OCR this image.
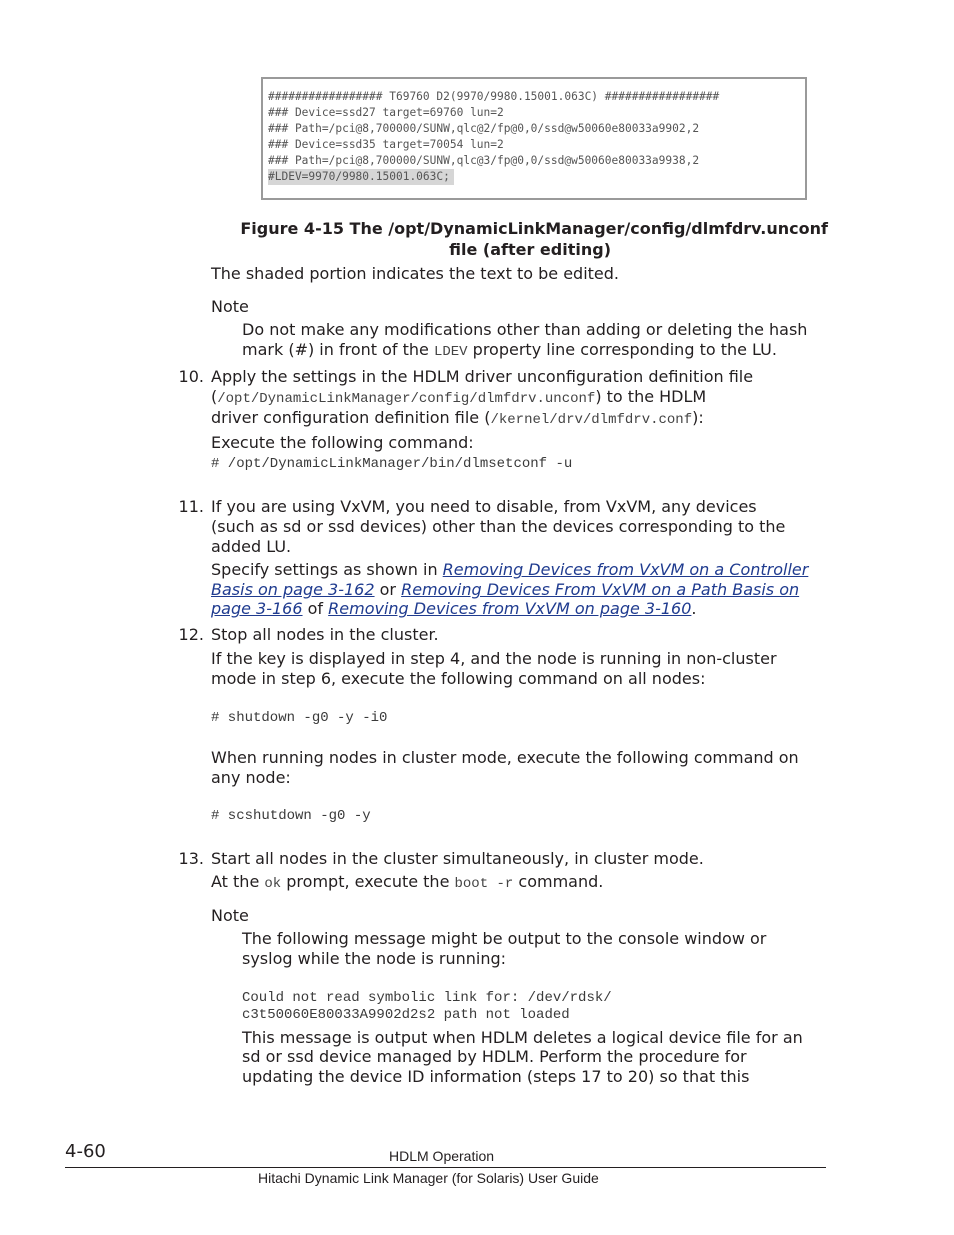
################# T69760 D2(9970/9980.15001.063C) #################
### Device=ssd27 target=69760 lun=2
### Path=/pci@8,700000/SUNW,qlc@2/fp@0,0/ssd@w50060e80033a9902,2
### Device=ssd35 target=70054 lun=2
### Path=/pci@8,700000/SUNW,qlc@3/fp@0,0/ssd@w50060e80033a9938,2
#LDEV=9970/9980.15001.063C;
Figure 4-15 The /opt/DynamicLinkManager/config/dlmfdrv.unconf
file (after editing)
The shaded portion indicates the text to be edited.
Note
Do not make any modifications other than adding or deleting the hash
mark (#) in front of the LDEV property line corresponding to the LU.
10. Apply the settings in the HDLM driver unconfiguration definition file
(/opt/DynamicLinkManager/config/dlmfdrv.unconf) to the HDLM
driver configuration definition file (/kernel/drv/dlmfdrv.conf):
Execute the following command:
# /opt/DynamicLinkManager/bin/dlmsetconf -u
11. If you are using VxVM, you need to disable, from VxVM, any devices
(such as sd or ssd devices) other than the devices corresponding to the
added LU.
Specify settings as shown in Removing Devices from VxVM on a Controller
Basis on page 3-162 or Removing Devices From VxVM on a Path Basis on
page 3-166 of Removing Devices from VxVM on page 3-160.
12. Stop all nodes in the cluster.
If the key is displayed in step 4, and the node is running in non-cluster
mode in step 6, execute the following command on all nodes:
# shutdown -g0 -y -i0
When running nodes in cluster mode, execute the following command on
any node:
# scshutdown -g0 -y
13. Start all nodes in the cluster simultaneously, in cluster mode.
At the ok prompt, execute the boot -r command.
Note
The following message might be output to the console window or
syslog while the node is running:
Could not read symbolic link for: /dev/rdsk/
c3t50060E80033A9902d2s2 path not loaded
This message is output when HDLM deletes a logical device file for an
sd or ssd device managed by HDLM. Perform the procedure for
updating the device ID information (steps 17 to 20) so that this
4-60	HDLM Operation
Hitachi Dynamic Link Manager (for Solaris) User Guide
